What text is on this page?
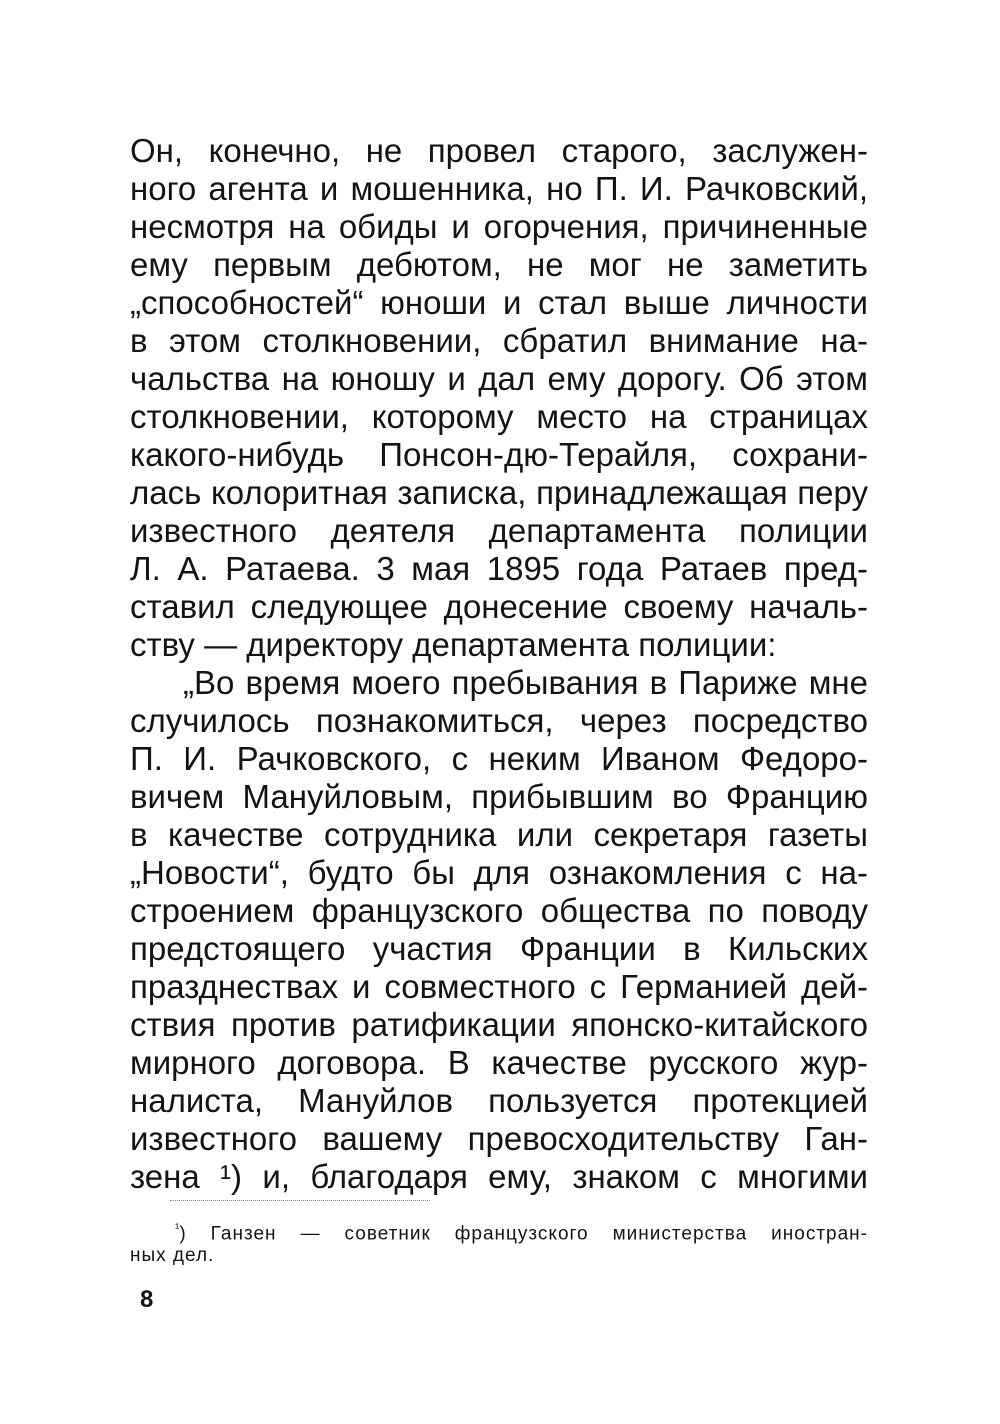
Он, конечно, не провел старого, заслужен-
ного агента и мошенника, но П. И. Рачковский,
несмотря на обиды и огорчения, причиненные
ему первым дебютом, не мог не заметить
„способностей“ юноши и стал выше личности
в этом столкновении, сбратил внимание на-
чальства на юношу и дал ему дорогу. Об этом
столкновении, которому место на страницах
какого-нибудь Понсон-дю-Терайля, сохрани-
лась колоритная записка, принадлежащая перу
известного деятеля департамента полиции
Л. А. Ратаева. 3 мая 1895 года Ратаев пред-
ставил следующее донесение своему началь-
ству — директору департамента полиции:
„Во время моего пребывания в Париже мне
случилось познакомиться, через посредство
П. И. Рачковского, с неким Иваном Федоро-
вичем Мануйловым, прибывшим во Францию
в качестве сотрудника или секретаря газеты
„Новости“, будто бы для ознакомления с на-
строением французского общества по поводу
предстоящего участия Франции в Кильских
празднествах и совместного с Германией дей-
ствия против ратификации японско-китайского
мирного договора. В качестве русского жур-
налиста, Мануйлов пользуется протекцией
известного вашему превосходительству Ган-
зена ¹) и, благодаря ему, знаком с многими
$^{^1}$) Ганзен — советник французского министерства иностран-
ных дел.
8
